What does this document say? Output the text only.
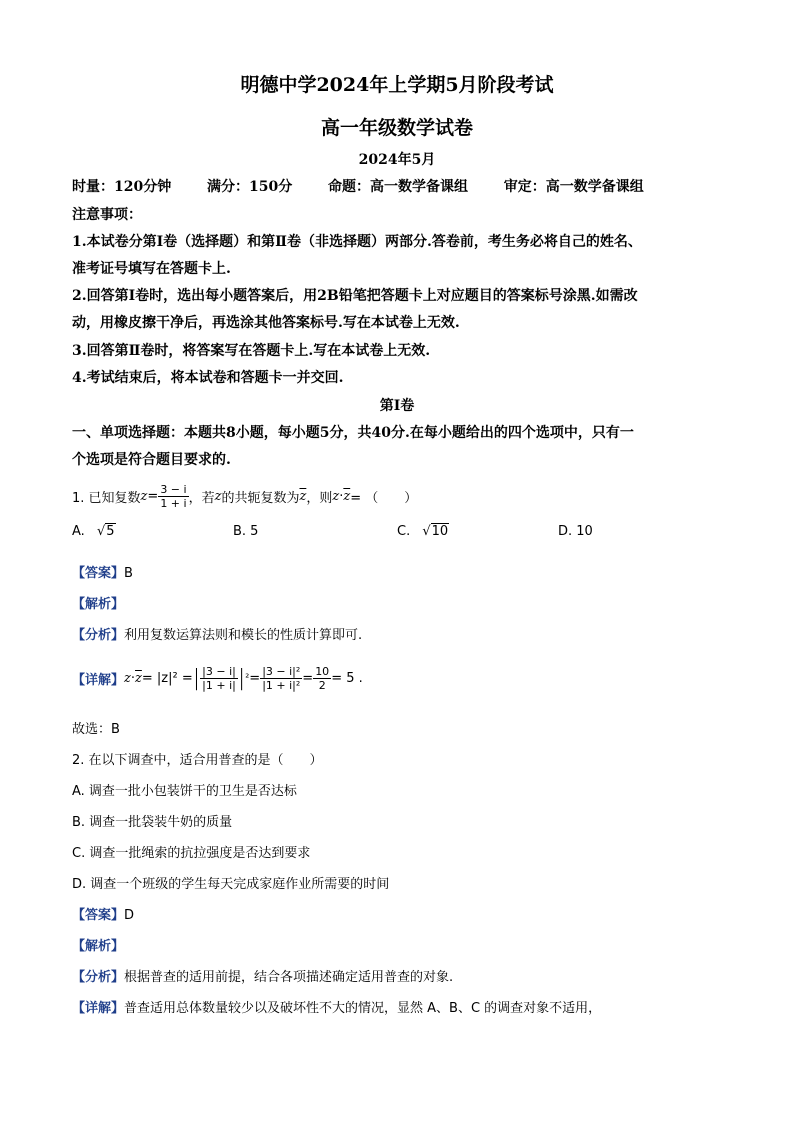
明德中学2024年上学期5月阶段考试
高一年级数学试卷
2024年5月
时量：120分钟	满分：150分	命题：高一数学备课组	审定：高一数学备课组
注意事项：
1.本试卷分第Ⅰ卷（选择题）和第Ⅱ卷（非选择题）两部分.答卷前，考生务必将自己的姓名、
准考证号填写在答题卡上.
2.回答第Ⅰ卷时，选出每小题答案后，用2B铅笔把答题卡上对应题目的答案标号涂黑.如需改
动，用橡皮擦干净后，再选涂其他答案标号.写在本试卷上无效.
3.回答第Ⅱ卷时，将答案写在答题卡上.写在本试卷上无效.
4.考试结束后，将本试卷和答题卡一并交回.
第Ⅰ卷
一、单项选择题：本题共8小题，每小题5分，共40分.在每小题给出的四个选项中，只有一
个选项是符合题目要求的.
1. 已知复数 $z = \frac{3 - i}{1 + i}$ ，若 z 的共轭复数为 $\overline{z}$ ，则 $z \cdot \overline{z}$ = （　　）
A. √5	B. 5	C. √10	D. 10
【答案】B
【解析】
【分析】利用复数运算法则和模长的性质计算即可.
【详解】 $z \cdot \overline{z} = |z|^2$ = | $\frac{|3 - i|}{|1 + i|}$ | $^2 = \frac{\text{|3 − i|²}}{\text{|1 + i|²}} = \frac{10}{2} = 5$ .
故选：B
2. 在以下调查中，适合用普查的是（　　）
A. 调查一批小包装饼干的卫生是否达标
B. 调查一批袋装牛奶的质量
C. 调查一批绳索的抗拉强度是否达到要求
D. 调查一个班级的学生每天完成家庭作业所需要的时间
【答案】D
【解析】
【分析】根据普查的适用前提，结合各项描述确定适用普查的对象.
【详解】普查适用总体数量较少以及破坏性不大的情况，显然 A、B、C 的调查对象不适用，
